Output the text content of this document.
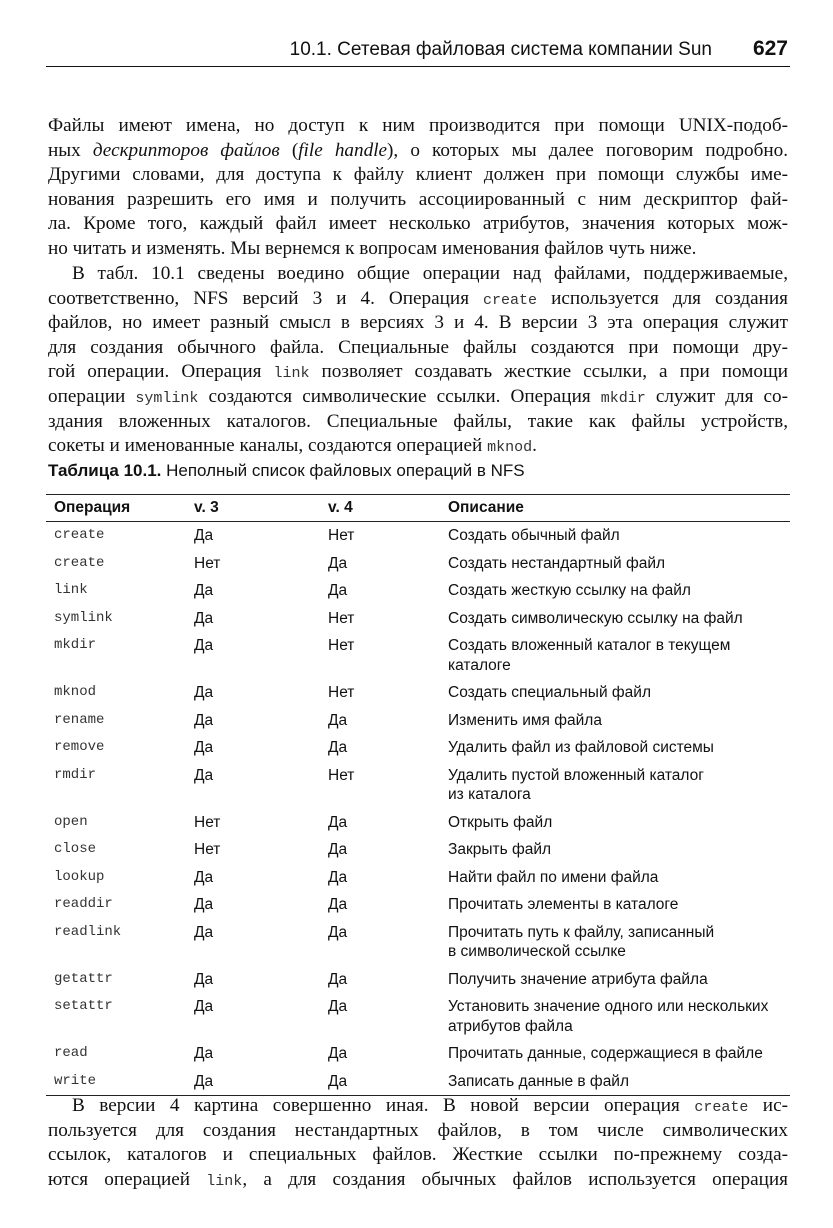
10.1. Сетевая файловая система компании Sun 627
Файлы имеют имена, но доступ к ним производится при помощи UNIX-подоб-
ных дескрипторов файлов (file handle), о которых мы далее поговорим подробно.
Другими словами, для доступа к файлу клиент должен при помощи службы име-
нования разрешить его имя и получить ассоциированный с ним дескриптор фай-
ла. Кроме того, каждый файл имеет несколько атрибутов, значения которых мож-
но читать и изменять. Мы вернемся к вопросам именования файлов чуть ниже.
В табл. 10.1 сведены воедино общие операции над файлами, поддерживаемые,
соответственно, NFS версий 3 и 4. Операция create используется для создания
файлов, но имеет разный смысл в версиях 3 и 4. В версии 3 эта операция служит
для создания обычного файла. Специальные файлы создаются при помощи дру-
гой операции. Операция link позволяет создавать жесткие ссылки, а при помощи
операции symlink создаются символические ссылки. Операция mkdir служит для со-
здания вложенных каталогов. Специальные файлы, такие как файлы устройств,
сокеты и именованные каналы, создаются операцией mknod.
Таблица 10.1. Неполный список файловых операций в NFS
Операция	v. 3	v. 4	Описание
create	Да	Нет	Создать обычный файл
create	Нет	Да	Создать нестандартный файл
link	Да	Да	Создать жесткую ссылку на файл
symlink	Да	Нет	Создать символическую ссылку на файл
mkdir	Да	Нет	Создать вложенный каталог в текущем
каталоге
mknod	Да	Нет	Создать специальный файл
rename	Да	Да	Изменить имя файла
remove	Да	Да	Удалить файл из файловой системы
rmdir	Да	Нет	Удалить пустой вложенный каталог
из каталога
open	Нет	Да	Открыть файл
close	Нет	Да	Закрыть файл
lookup	Да	Да	Найти файл по имени файла
readdir	Да	Да	Прочитать элементы в каталоге
readlink	Да	Да	Прочитать путь к файлу, записанный
в символической ссылке
getattr	Да	Да	Получить значение атрибута файла
setattr	Да	Да	Установить значение одного или нескольких
атрибутов файла
read	Да	Да	Прочитать данные, содержащиеся в файле
write	Да	Да	Записать данные в файл
В версии 4 картина совершенно иная. В новой версии операция create ис-
пользуется для создания нестандартных файлов, в том числе символических
ссылок, каталогов и специальных файлов. Жесткие ссылки по-прежнему созда-
ются операцией link, а для создания обычных файлов используется операция
